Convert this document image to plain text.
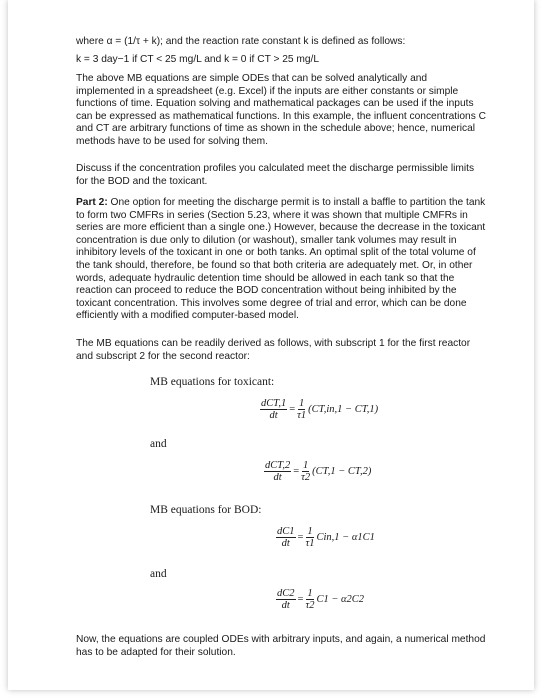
where α = (1/τ + k); and the reaction rate constant k is defined as follows:

k = 3 day−1 if CT < 25 mg/L and k = 0 if CT > 25 mg/L

The above MB equations are simple ODEs that can be solved analytically and implemented in a spreadsheet (e.g. Excel) if the inputs are either constants or simple functions of time. Equation solving and mathematical packages can be used if the inputs can be expressed as mathematical functions. In this example, the influent concentrations C and CT are arbitrary functions of time as shown in the schedule above; hence, numerical methods have to be used for solving them.

Discuss if the concentration profiles you calculated meet the discharge permissible limits for the BOD and the toxicant.

Part 2: One option for meeting the discharge permit is to install a baffle to partition the tank to form two CMFRs in series (Section 5.23, where it was shown that multiple CMFRs in series are more efficient than a single one.) However, because the decrease in the toxicant concentration is due only to dilution (or washout), smaller tank volumes may result in inhibitory levels of the toxicant in one or both tanks. An optimal split of the total volume of the tank should, therefore, be found so that both criteria are adequately met. Or, in other words, adequate hydraulic detention time should be allowed in each tank so that the reaction can proceed to reduce the BOD concentration without being inhibited by the toxicant concentration. This involves some degree of trial and error, which can be done efficiently with a modified computer-based model.

The MB equations can be readily derived as follows, with subscript 1 for the first reactor and subscript 2 for the second reactor:

MB equations for toxicant:
$\frac{\text{dCT,1}}{dt} = \frac{1}{\tau 1} (CT,in,1 - CT,1)$
and
$\frac{\text{dCT,2}}{dt} = \frac{1}{\tau 2} (CT,1 - CT,2)$
MB equations for BOD:
$\frac{dC1}{dt} = \frac{1}{\tau 1} Cin,1 - \alpha 1C1$
and
$\frac{dC2}{dt} = \frac{1}{\tau 2} C1 - \alpha 2C2$

Now, the equations are coupled ODEs with arbitrary inputs, and again, a numerical method has to be adapted for their solution.
